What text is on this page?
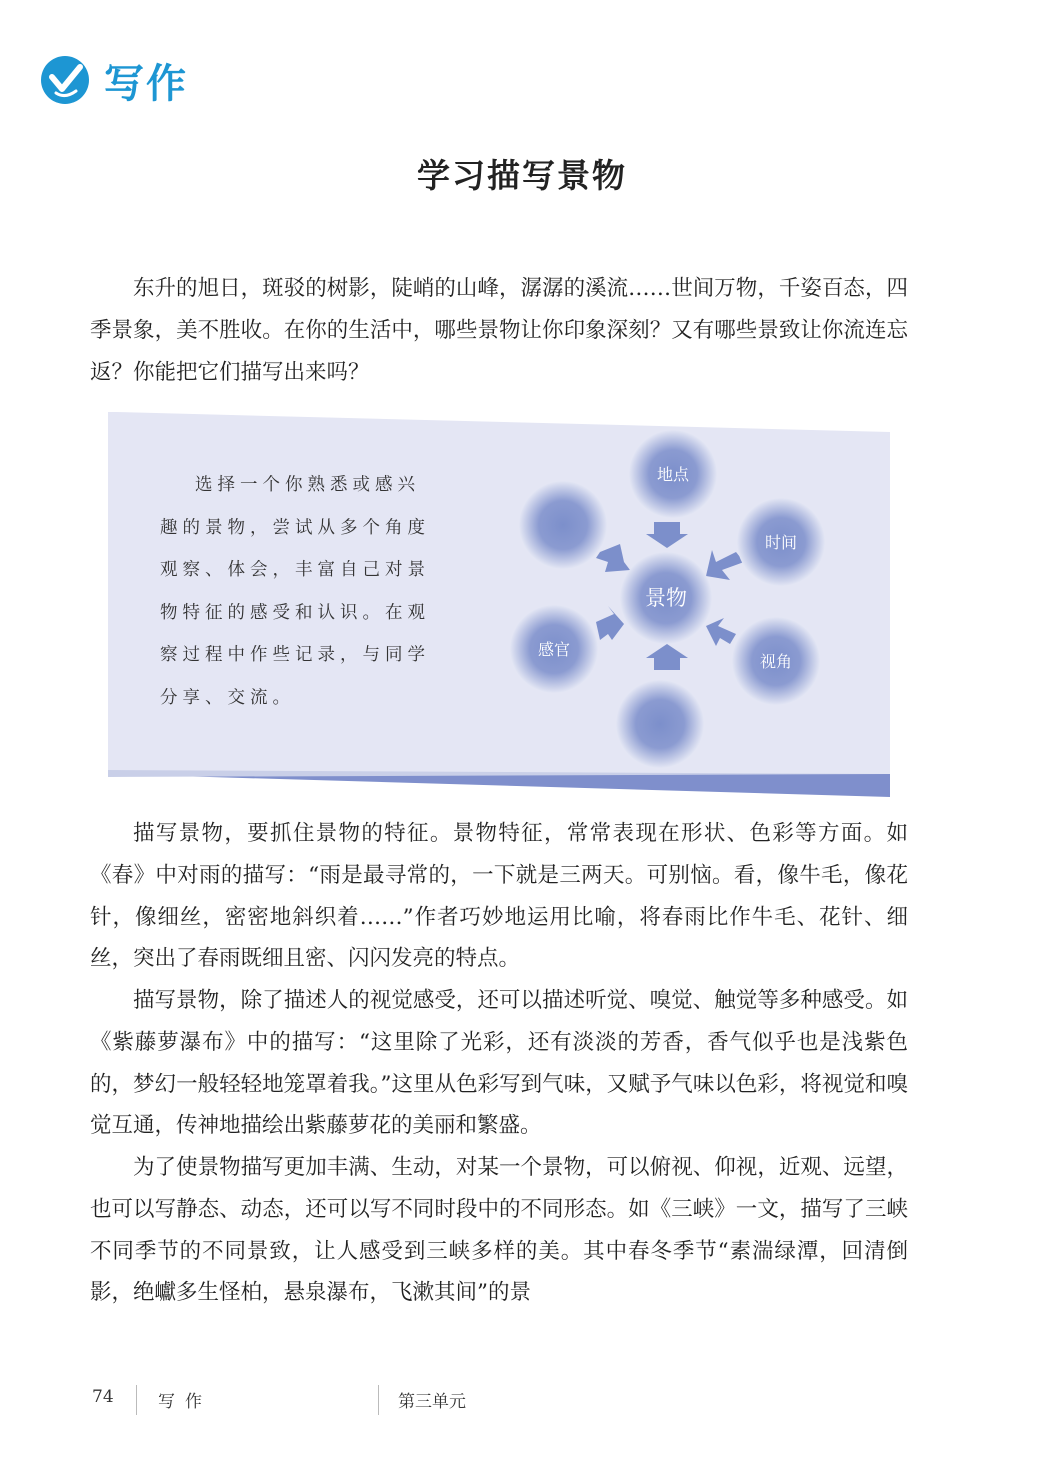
写作
学习描写景物

东升的旭日，斑驳的树影，陡峭的山峰，潺潺的溪流……世间万物，千姿百态，四季景象，美不胜收。在你的生活中，哪些景物让你印象深刻？又有哪些景致让你流连忘返？你能把它们描写出来吗？

选择一个你熟悉或感兴趣的景物，尝试从多个角度观察、体会，丰富自己对景物特征的感受和认识。在观察过程中作些记录，与同学分享、交流。

景物
地点
时间
视角
感官

描写景物，要抓住景物的特征。景物特征，常常表现在形状、色彩等方面。如《春》中对雨的描写：“雨是最寻常的，一下就是三两天。可别恼。看，像牛毛，像花针，像细丝，密密地斜织着……”作者巧妙地运用比喻，将春雨比作牛毛、花针、细丝，突出了春雨既细且密、闪闪发亮的特点。

描写景物，除了描述人的视觉感受，还可以描述听觉、嗅觉、触觉等多种感受。如《紫藤萝瀑布》中的描写：“这里除了光彩，还有淡淡的芳香，香气似乎也是浅紫色的，梦幻一般轻轻地笼罩着我。”这里从色彩写到气味，又赋予气味以色彩，将视觉和嗅觉互通，传神地描绘出紫藤萝花的美丽和繁盛。

为了使景物描写更加丰满、生动，对某一个景物，可以俯视、仰视，近观、远望，也可以写静态、动态，还可以写不同时段中的不同形态。如《三峡》一文，描写了三峡不同季节的不同景致，让人感受到三峡多样的美。其中春冬季节“素湍绿潭，回清倒影，绝巘多生怪柏，悬泉瀑布，飞漱其间”的景

74	写作	第三单元
